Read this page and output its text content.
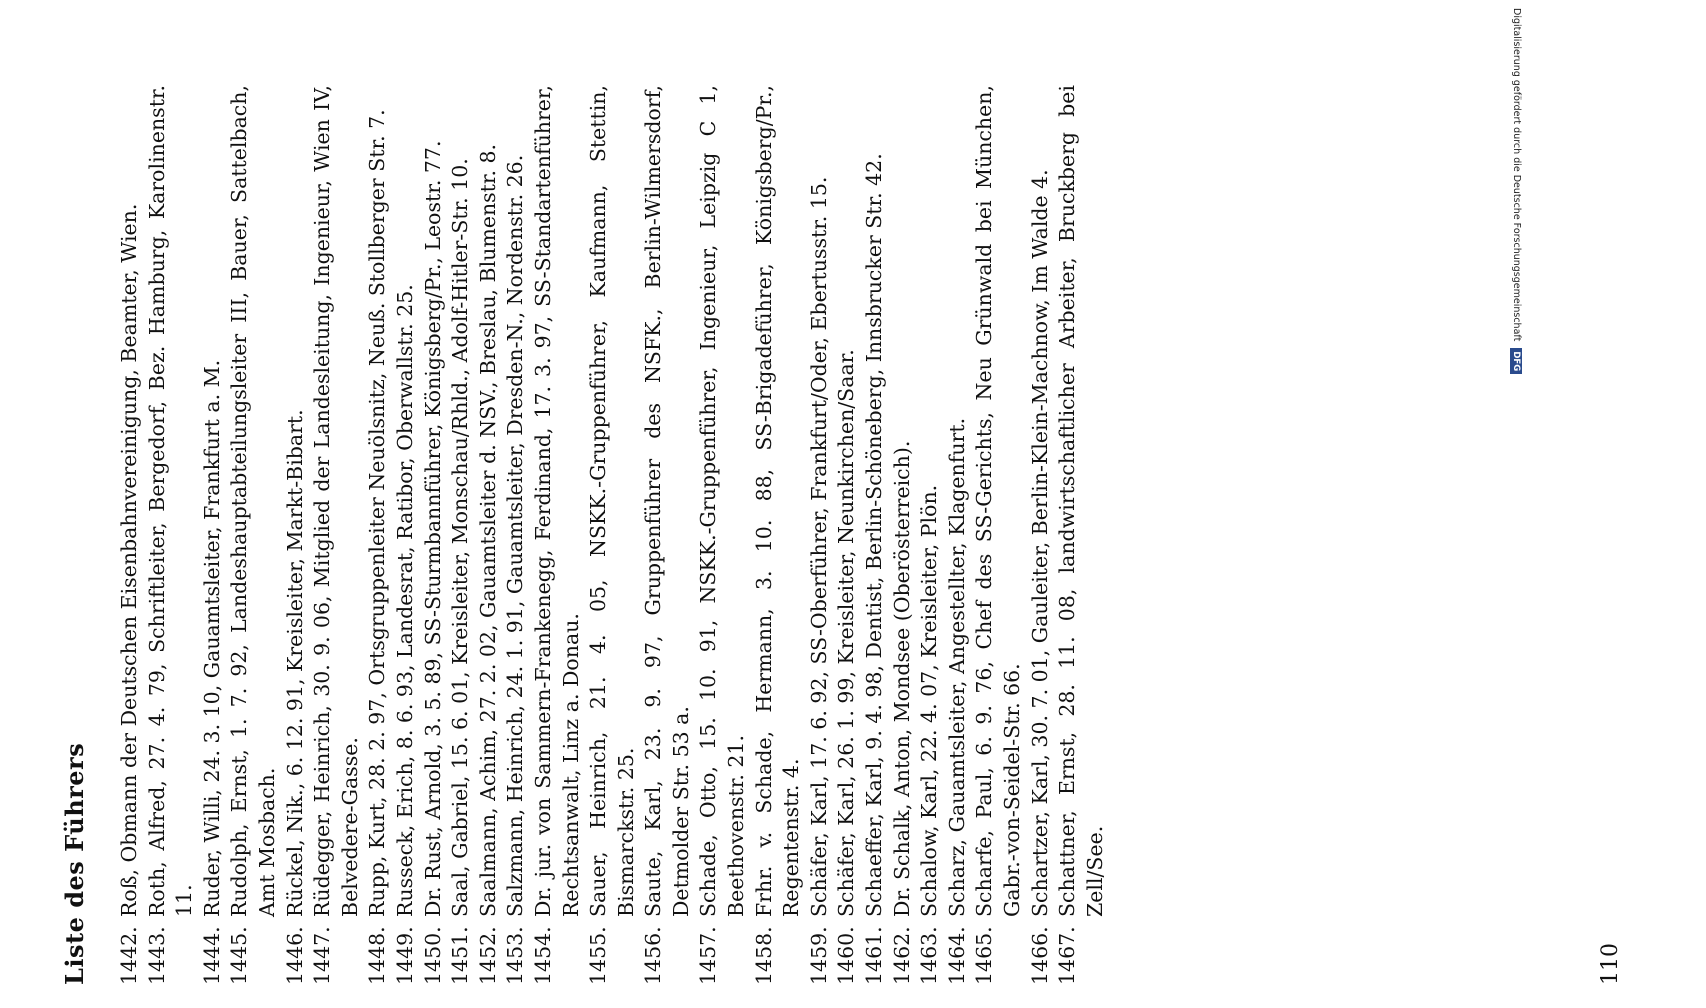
Liste des Führers 1442.
Roß, Obmann der Deutschen Eisenbahnvereinigung, Beamter, Wien.
1443.
Roth, Alfred, 27. 4. 79, Schriftleiter, Bergedorf, Bez. Hamburg, Karolinenstr. 11.
1444.
Ruder, Willi, 24. 3. 10, Gauamtsleiter, Frankfurt a. M.
1445.
Rudolph, Ernst, 1. 7. 92, Landeshauptabteilungsleiter III, Bauer, Sattelbach, Amt Mosbach.
1446.
Rückel, Nik., 6. 12. 91, Kreisleiter, Markt-Bibart.
1447.
Rüdegger, Heinrich, 30. 9. 06, Mitglied der Landesleitung, Ingenieur, Wien IV, Belvedere-Gasse.
1448.
Rupp, Kurt, 28. 2. 97, Ortsgruppenleiter Neuölsnitz, Neuß. Stollberger Str. 7.
1449.
Russeck, Erich, 8. 6. 93, Landesrat, Ratibor, Oberwallstr. 25.
1450.
Dr. Rust, Arnold, 3. 5. 89, SS-Sturmbannführer, Königsberg/Pr., Leostr. 77.
1451.
Saal, Gabriel, 15. 6. 01, Kreisleiter, Monschau/Rhld., Adolf-Hitler-Str. 10.
1452.
Saalmann, Achim, 27. 2. 02, Gauamtsleiter d. NSV., Breslau, Blumenstr. 8.
1453.
Salzmann, Heinrich, 24. 1. 91, Gauamtsleiter, Dresden-N., Nordenstr. 26.
1454.
Dr. jur. von Sammern-Frankenegg, Ferdinand, 17. 3. 97, SS-Standartenführer, Rechtsanwalt, Linz a. Donau.
1455.
Sauer, Heinrich, 21. 4. 05, NSKK.-Gruppenführer, Kaufmann, Stettin, Bismarckstr. 25.
1456.
Saute, Karl, 23. 9. 97, Gruppenführer des NSFK., Berlin-Wilmersdorf, Detmolder Str. 53 a.
1457.
Schade, Otto, 15. 10. 91, NSKK.-Gruppenführer, Ingenieur, Leipzig C 1, Beethovenstr. 21.
1458.
Frhr. v. Schade, Hermann, 3. 10. 88, SS-Brigadeführer, Königsberg/Pr., Regentenstr. 4.
1459.
Schäfer, Karl, 17. 6. 92, SS-Oberführer, Frankfurt/Oder, Ebertusstr. 15.
1460.
Schäfer, Karl, 26. 1. 99, Kreisleiter, Neunkirchen/Saar.
1461.
Schaeffer, Karl, 9. 4. 98, Dentist, Berlin-Schöneberg, Innsbrucker Str. 42.
1462.
Dr. Schalk, Anton, Mondsee (Oberösterreich).
1463.
Schalow, Karl, 22. 4. 07, Kreisleiter, Plön.
1464.
Scharz, Gauamtsleiter, Angestellter, Klagenfurt.
1465.
Scharfe, Paul, 6. 9. 76, Chef des SS-Gerichts, Neu Grünwald bei München, Gabr.-von-Seidel-Str. 66.
1466.
Schartzer, Karl, 30. 7. 01, Gauleiter, Berlin-Klein-Machnow, Im Walde 4.
1467.
Schattner, Ernst, 28. 11. 08, landwirtschaftlicher Arbeiter, Bruckberg bei Zell/See.
110
Digitalisierung gefördert durch die Deutsche Forschungsgemeinschaft DFG
